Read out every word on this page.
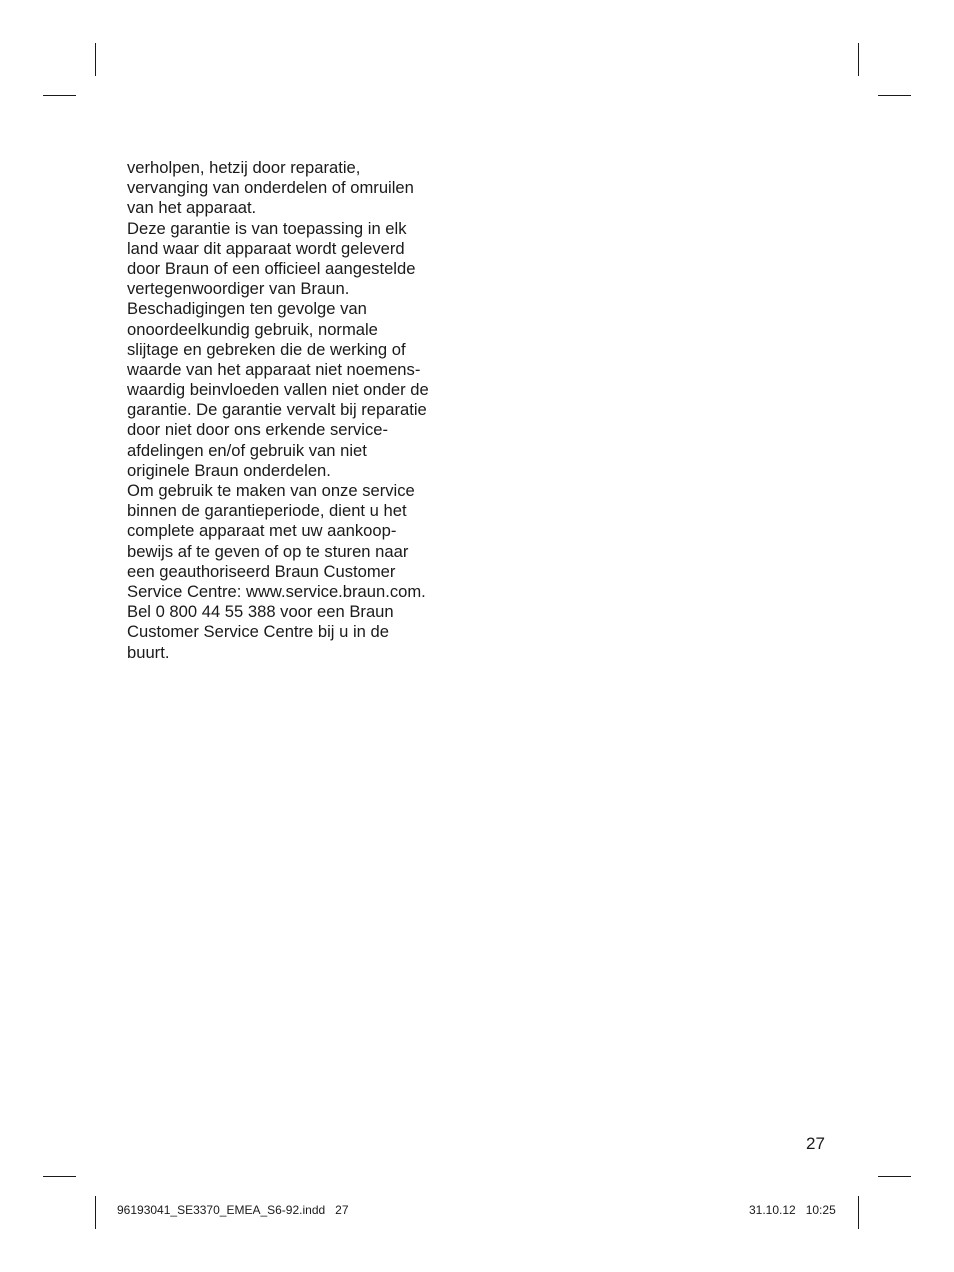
verholpen, hetzij door reparatie,
vervanging van onderdelen of omruilen
van het apparaat.
Deze garantie is van toepassing in elk
land waar dit apparaat wordt geleverd
door Braun of een officieel aangestelde
vertegenwoordiger van Braun.
Beschadigingen ten gevolge van
onoordeelkundig gebruik, normale
slijtage en gebreken die de werking of
waarde van het apparaat niet noemens-
waardig beinvloeden vallen niet onder de
garantie. De garantie vervalt bij reparatie
door niet door ons erkende service-
afdelingen en/of gebruik van niet
originele Braun onderdelen.
Om gebruik te maken van onze service
binnen de garantieperiode, dient u het
complete apparaat met uw aankoop-
bewijs af te geven of op te sturen naar
een geauthoriseerd Braun Customer
Service Centre: www.service.braun.com.
Bel 0 800 44 55 388 voor een Braun
Customer Service Centre bij u in de
buurt.
27
96193041_SE3370_EMEA_S6-92.indd   27	31.10.12   10:25
